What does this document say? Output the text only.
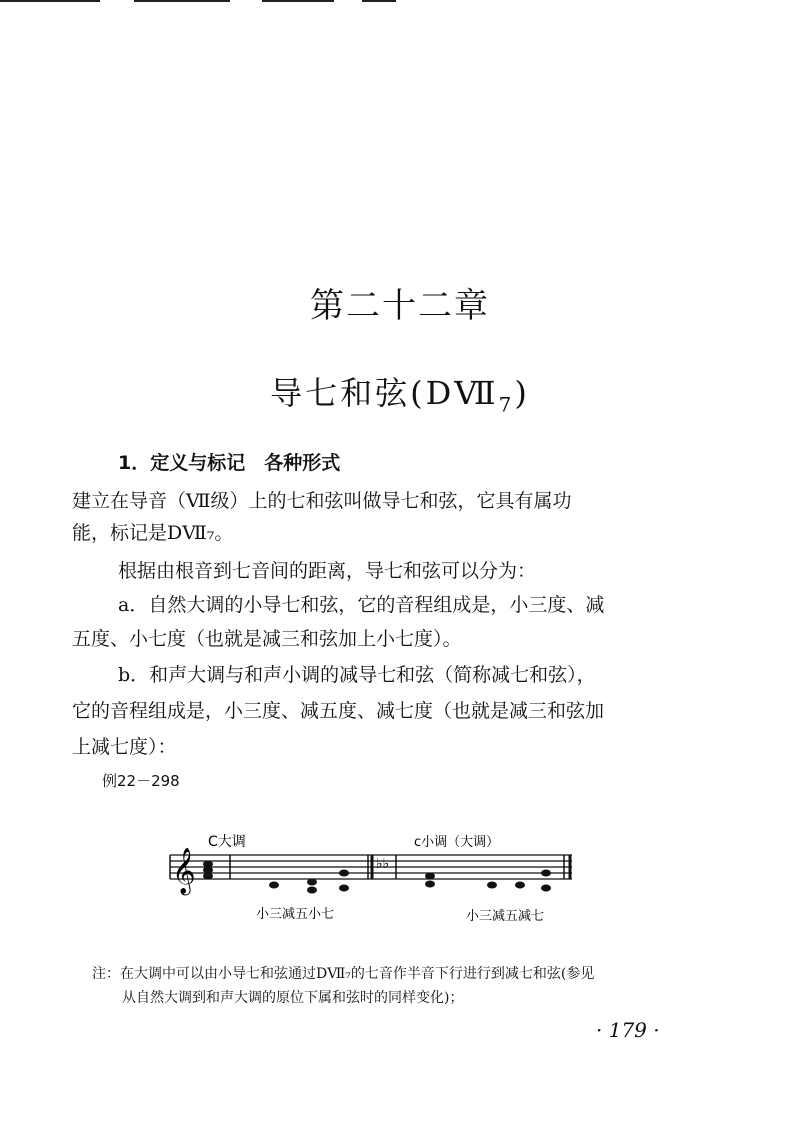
第二十二章
导七和弦$(DⅦ_7)$
1．定义与标记　各种形式
建立在导音（Ⅶ级）上的七和弦叫做导七和弦，它具有属功
能，标记是DⅦ₇。
根据由根音到七音间的距离，导七和弦可以分为：
a．自然大调的小导七和弦，它的音程组成是，小三度、减
五度、小七度（也就是减三和弦加上小七度）。
b．和声大调与和声小调的减导七和弦（简称减七和弦），
它的音程组成是，小三度、减五度、减七度（也就是减三和弦加
上减七度）：
例22－298
C大调	c小调（大调）
𝄞	♭♭
小三减五小七	小三减五减七
注：在大调中可以由小导七和弦通过DⅦ₇的七音作半音下行进行到减七和弦(参见
从自然大调到和声大调的原位下属和弦时的同样变化)；
· 179 ·
